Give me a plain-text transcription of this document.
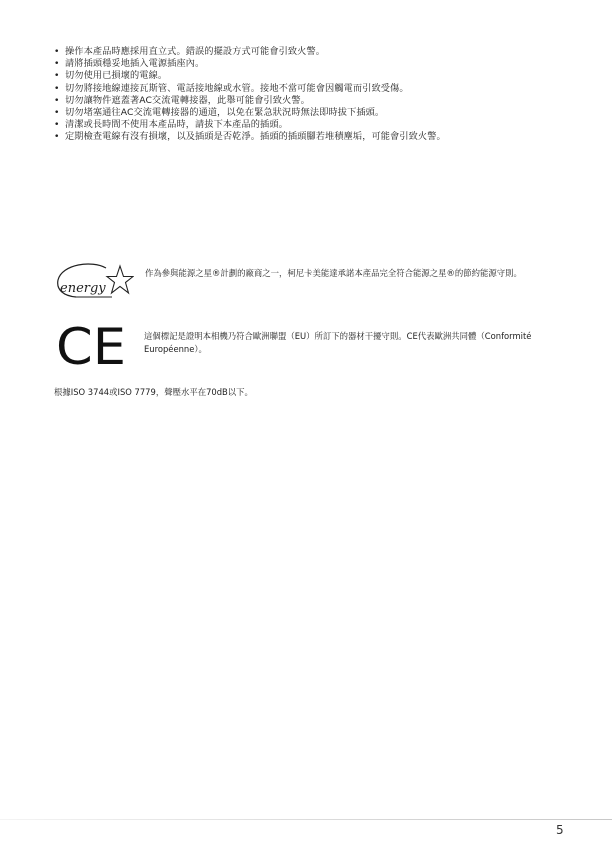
• 操作本產品時應採用直立式。錯誤的擺設方式可能會引致火警。
• 請將插頭穩妥地插入電源插座內。
• 切勿使用已損壞的電線。
• 切勿將接地線連接瓦斯管、電話接地線或水管。接地不當可能會因觸電而引致受傷。
• 切勿讓物件遮蓋著AC交流電轉接器，此舉可能會引致火警。
• 切勿堵塞通往AC交流電轉接器的通道，以免在緊急狀況時無法即時拔下插頭。
• 清潔或長時間不使用本產品時，請拔下本產品的插頭。
• 定期檢查電線有沒有損壞，以及插頭是否乾淨。插頭的插頭腳若堆積塵垢，可能會引致火警。
energy
作為參與能源之星®計劃的廠商之一，柯尼卡美能達承諾本產品完全符合能源之星®的節約能源守則。
CE 這個標記是證明本相機乃符合歐洲聯盟（EU）所訂下的器材干擾守則。CE代表歐洲共同體（Conformité Européenne）。
根據ISO 3744或ISO 7779，聲壓水平在70dB以下。
5
